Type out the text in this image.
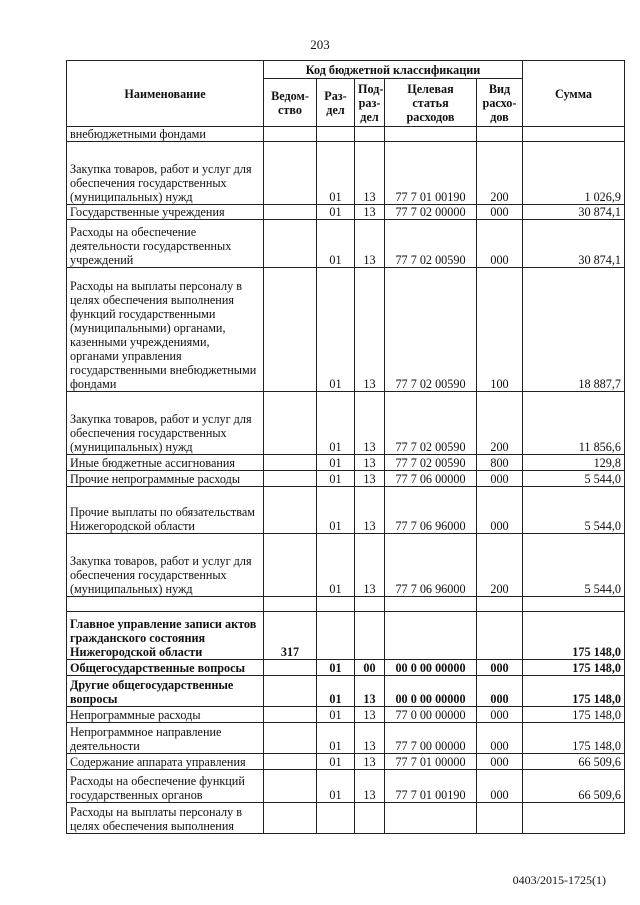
203
Наименование	Код бюджетной классификации					Сумма
	Ведом-ство	Раз-дел	Под-раз-дел	Целевая статья расходов	Вид расхо-дов	
внебюджетными фондами						
Закупка товаров, работ и услуг для обеспечения государственных (муниципальных) нужд		01	13	77 7 01 00190	200	1 026,9
Государственные учреждения		01	13	77 7 02 00000	000	30 874,1
Расходы на обеспечение деятельности государственных учреждений		01	13	77 7 02 00590	000	30 874,1
Расходы на выплаты персоналу в целях обеспечения выполнения функций государственными (муниципальными) органами, казенными учреждениями, органами управления государственными внебюджетными фондами		01	13	77 7 02 00590	100	18 887,7
Закупка товаров, работ и услуг для обеспечения государственных (муниципальных) нужд		01	13	77 7 02 00590	200	11 856,6
Иные бюджетные ассигнования		01	13	77 7 02 00590	800	129,8
Прочие непрограммные расходы		01	13	77 7 06 00000	000	5 544,0
Прочие выплаты по обязательствам Нижегородской области		01	13	77 7 06 96000	000	5 544,0
Закупка товаров, работ и услуг для обеспечения государственных (муниципальных) нужд		01	13	77 7 06 96000	200	5 544,0

Главное управление записи актов гражданского состояния Нижегородской области	317					175 148,0
Общегосударственные вопросы		01	00	00 0 00 00000	000	175 148,0
Другие общегосударственные вопросы		01	13	00 0 00 00000	000	175 148,0
Непрограммные расходы		01	13	77 0 00 00000	000	175 148,0
Непрограммное направление деятельности		01	13	77 7 00 00000	000	175 148,0
Содержание аппарата управления		01	13	77 7 01 00000	000	66 509,6
Расходы на обеспечение функций государственных органов		01	13	77 7 01 00190	000	66 509,6
Расходы на выплаты персоналу в целях обеспечения выполнения						
0403/2015-1725(1)
